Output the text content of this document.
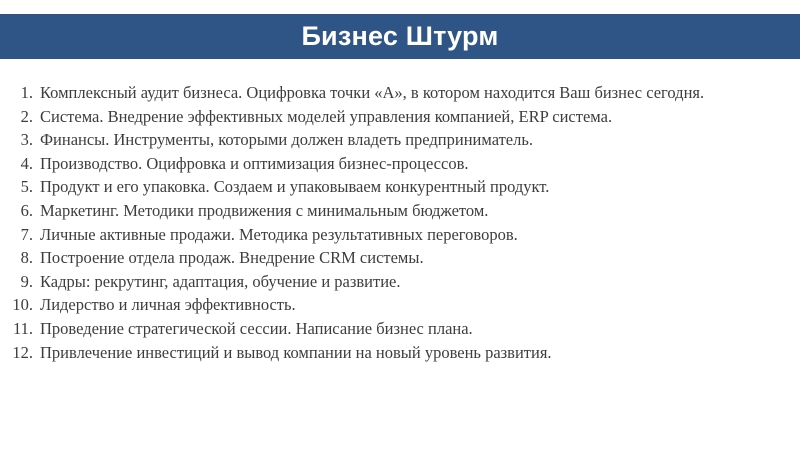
Бизнес Штурм
1. Комплексный аудит бизнеса. Оцифровка точки «А», в котором находится Ваш бизнес сегодня.
2. Система. Внедрение эффективных моделей управления компанией, ERP система.
3. Финансы. Инструменты, которыми должен владеть предприниматель.
4. Производство. Оцифровка и оптимизация бизнес-процессов.
5. Продукт и его упаковка. Создаем и упаковываем конкурентный продукт.
6. Маркетинг. Методики продвижения с минимальным бюджетом.
7. Личные активные продажи. Методика результативных переговоров.
8. Построение отдела продаж. Внедрение CRM системы.
9. Кадры: рекрутинг, адаптация, обучение и развитие.
10. Лидерство и личная эффективность.
11. Проведение стратегической сессии. Написание бизнес плана.
12. Привлечение инвестиций и вывод компании на новый уровень развития.
